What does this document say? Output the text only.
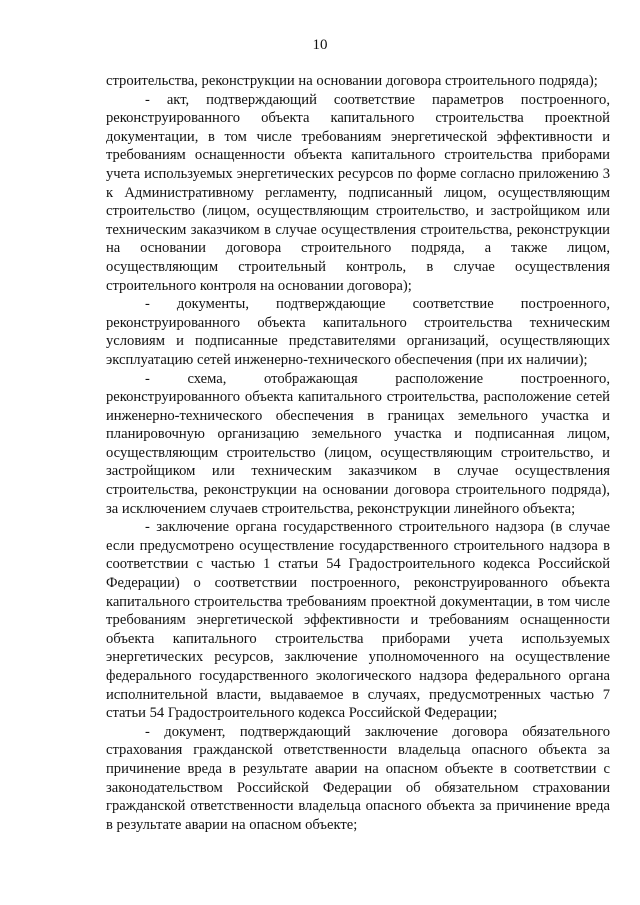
10

строительства, реконструкции на основании договора строительного подряда);

- акт, подтверждающий соответствие параметров построенного, реконструированного объекта капитального строительства проектной документации, в том числе требованиям энергетической эффективности и требованиям оснащенности объекта капитального строительства приборами учета используемых энергетических ресурсов по форме согласно приложению 3 к Административному регламенту, подписанный лицом, осуществляющим строительство (лицом, осуществляющим строительство, и застройщиком или техническим заказчиком в случае осуществления строительства, реконструкции на основании договора строительного подряда, а также лицом, осуществляющим строительный контроль, в случае осуществления строительного контроля на основании договора);

- документы, подтверждающие соответствие построенного, реконструированного объекта капитального строительства техническим условиям и подписанные представителями организаций, осуществляющих эксплуатацию сетей инженерно-технического обеспечения (при их наличии);

- схема, отображающая расположение построенного, реконструированного объекта капитального строительства, расположение сетей инженерно-технического обеспечения в границах земельного участка и планировочную организацию земельного участка и подписанная лицом, осуществляющим строительство (лицом, осуществляющим строительство, и застройщиком или техническим заказчиком в случае осуществления строительства, реконструкции на основании договора строительного подряда), за исключением случаев строительства, реконструкции линейного объекта;

- заключение органа государственного строительного надзора (в случае если предусмотрено осуществление государственного строительного надзора в соответствии с частью 1 статьи 54 Градостроительного кодекса Российской Федерации) о соответствии построенного, реконструированного объекта капитального строительства требованиям проектной документации, в том числе требованиям энергетической эффективности и требованиям оснащенности объекта капитального строительства приборами учета используемых энергетических ресурсов, заключение уполномоченного на осуществление федерального государственного экологического надзора федерального органа исполнительной власти, выдаваемое в случаях, предусмотренных частью 7 статьи 54 Градостроительного кодекса Российской Федерации;

- документ, подтверждающий заключение договора обязательного страхования гражданской ответственности владельца опасного объекта за причинение вреда в результате аварии на опасном объекте в соответствии с законодательством Российской Федерации об обязательном страховании гражданской ответственности владельца опасного объекта за причинение вреда в результате аварии на опасном объекте;
